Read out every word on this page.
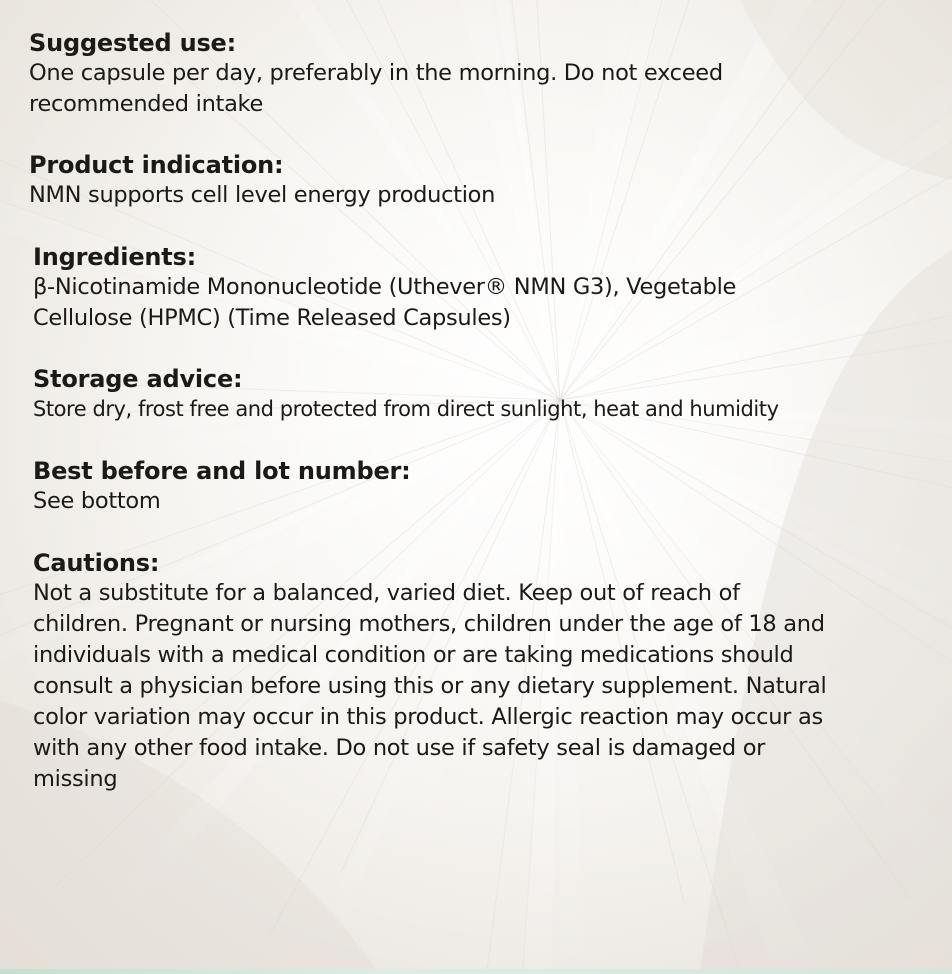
Suggested use:

One capsule per day, preferably in the morning. Do not exceed
recommended intake

Product indication:

NMN supports cell level energy production

Ingredients:

β-Nicotinamide Mononucleotide (Uthever® NMN G3), Vegetable
Cellulose (HPMC) (Time Released Capsules)

Storage advice:

Store dry, frost free and protected from direct sunlight, heat and humidity

Best before and lot number:

See bottom

Cautions:

Not a substitute for a balanced, varied diet. Keep out of reach of
children. Pregnant or nursing mothers, children under the age of 18 and
individuals with a medical condition or are taking medications should
consult a physician before using this or any dietary supplement. Natural
color variation may occur in this product. Allergic reaction may occur as
with any other food intake. Do not use if safety seal is damaged or
missing
